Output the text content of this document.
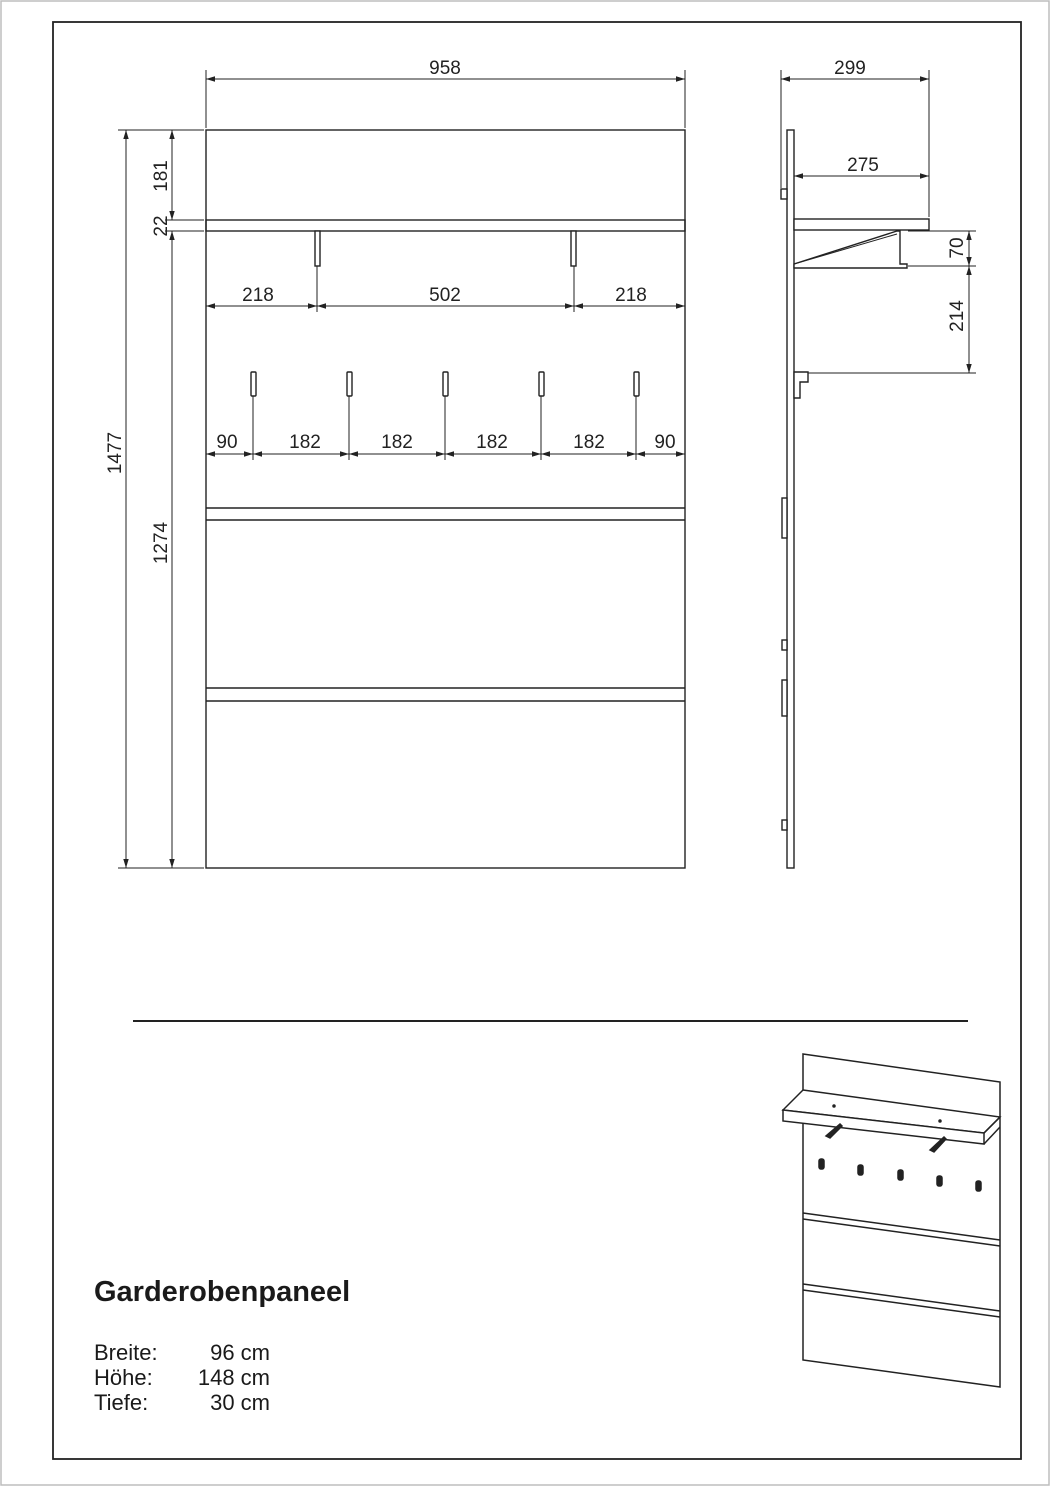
958
1477
181
22
1274
218	502	218
90	182	182	182	182	90
299
275
70
214
Garderobenpaneel
Breite: 96 cm
Höhe: 148 cm
Tiefe:	30 cm
